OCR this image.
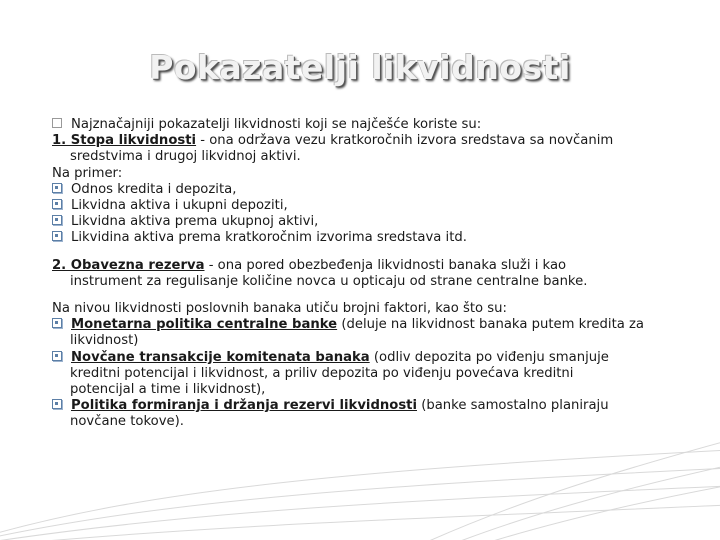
Pokazatelji likvidnosti
Najznačajniji pokazatelji likvidnosti koji se najčešće koriste su:
1. Stopa likvidnosti - ona održava vezu kratkoročnih izvora sredstava sa novčanim
sredstvima i drugoj likvidnoj aktivi.
Na primer:
Odnos kredita i depozita,
Likvidna aktiva i ukupni depoziti,
Likvidna aktiva prema ukupnoj aktivi,
Likvidina aktiva prema kratkoročnim izvorima sredstava itd.
2. Obavezna rezerva - ona pored obezbeđenja likvidnosti banaka služi i kao
instrument za regulisanje količine novca u opticaju od strane centralne banke.
Na nivou likvidnosti poslovnih banaka utiču brojni faktori, kao što su:
Monetarna politika centralne banke (deluje na likvidnost banaka putem kredita za
likvidnost)
Novčane transakcije komitenata banaka (odliv depozita po viđenju smanjuje
kreditni potencijal i likvidnost, a priliv depozita po viđenju povećava kreditni
potencijal a time i likvidnost),
Politika formiranja i držanja rezervi likvidnosti (banke samostalno planiraju
novčane tokove).
